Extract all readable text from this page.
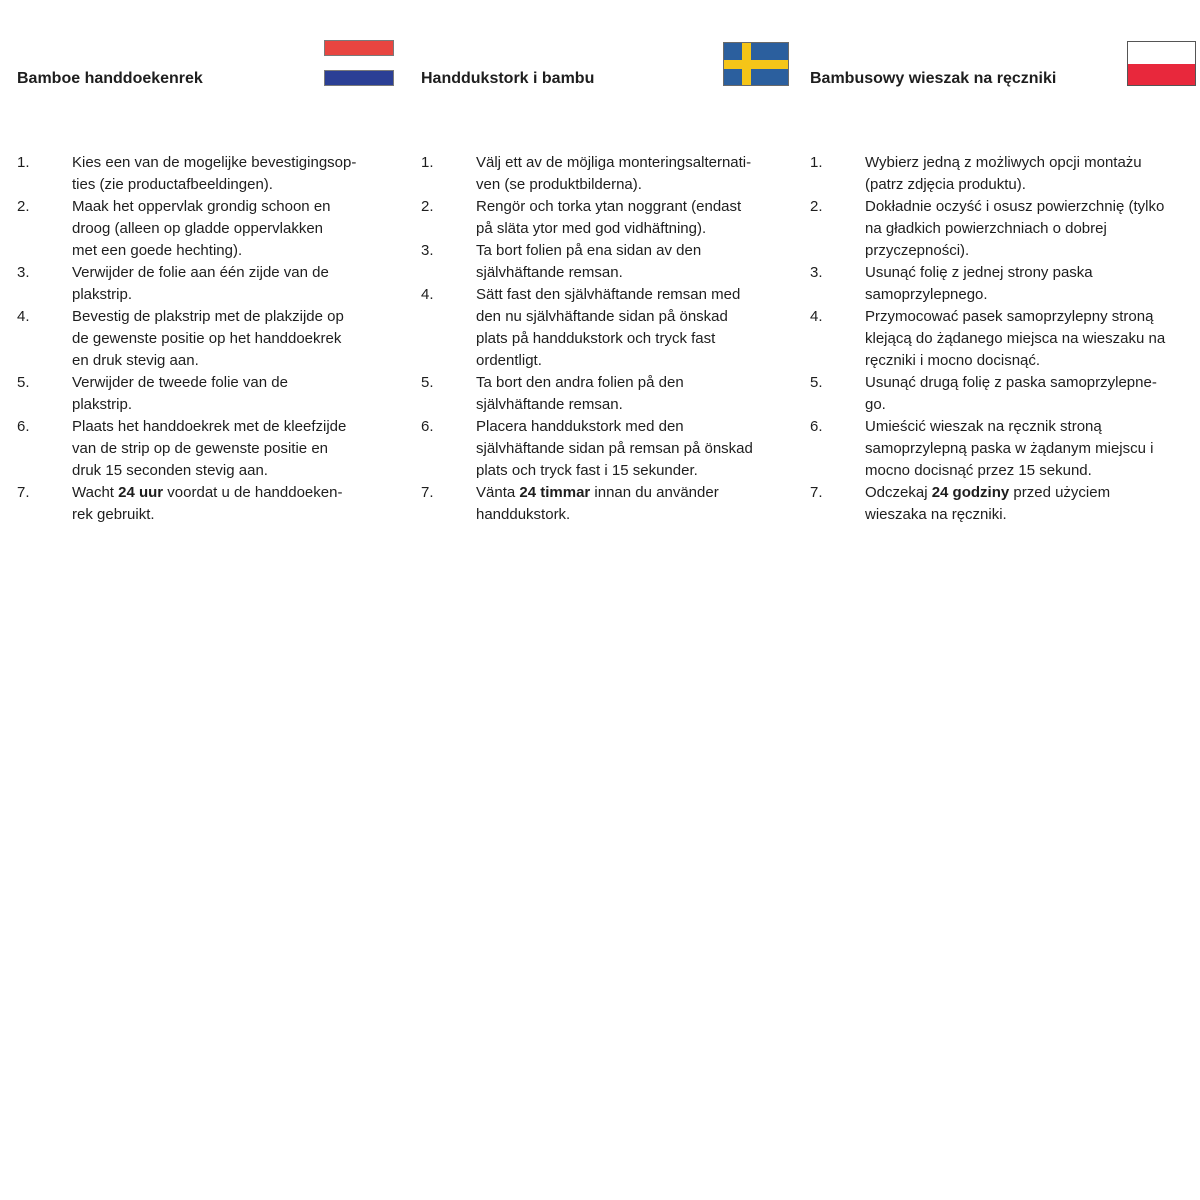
Bamboe handdoekenrek
1.	Kies een van de mogelijke bevestigingsop-
ties (zie productafbeeldingen).
2.	Maak het oppervlak grondig schoon en
droog (alleen op gladde oppervlakken
met een goede hechting).
3.	Verwijder de folie aan één zijde van de
plakstrip.
4.	Bevestig de plakstrip met de plakzijde op
de gewenste positie op het handdoekrek
en druk stevig aan.
5.	Verwijder de tweede folie van de
plakstrip.
6.	Plaats het handdoekrek met de kleefzijde
van de strip op de gewenste positie en
druk 15 seconden stevig aan.
7.	Wacht 24 uur voordat u de handdoeken-
rek gebruikt.
Handdukstork i bambu
1.	Välj ett av de möjliga monteringsalternati-
ven (se produktbilderna).
2.	Rengör och torka ytan noggrant (endast
på släta ytor med god vidhäftning).
3.	Ta bort folien på ena sidan av den
självhäftande remsan.
4.	Sätt fast den självhäftande remsan med
den nu självhäftande sidan på önskad
plats på handdukstork och tryck fast
ordentligt.
5.	Ta bort den andra folien på den
självhäftande remsan.
6.	Placera handdukstork med den
självhäftande sidan på remsan på önskad
plats och tryck fast i 15 sekunder.
7.	Vänta 24 timmar innan du använder
handdukstork.
Bambusowy wieszak na ręczniki
1.	Wybierz jedną z możliwych opcji montażu
(patrz zdjęcia produktu).
2.	Dokładnie oczyść i osusz powierzchnię (tylko
na gładkich powierzchniach o dobrej
przyczepności).
3.	Usunąć folię z jednej strony paska
samoprzylepnego.
4.	Przymocować pasek samoprzylepny stroną
klejącą do żądanego miejsca na wieszaku na
ręczniki i mocno docisnąć.
5.	Usunąć drugą folię z paska samoprzylepne-
go.
6.	Umieścić wieszak na ręcznik stroną
samoprzylepną paska w żądanym miejscu i
mocno docisnąć przez 15 sekund.
7.	Odczekaj 24 godziny przed użyciem
wieszaka na ręczniki.
